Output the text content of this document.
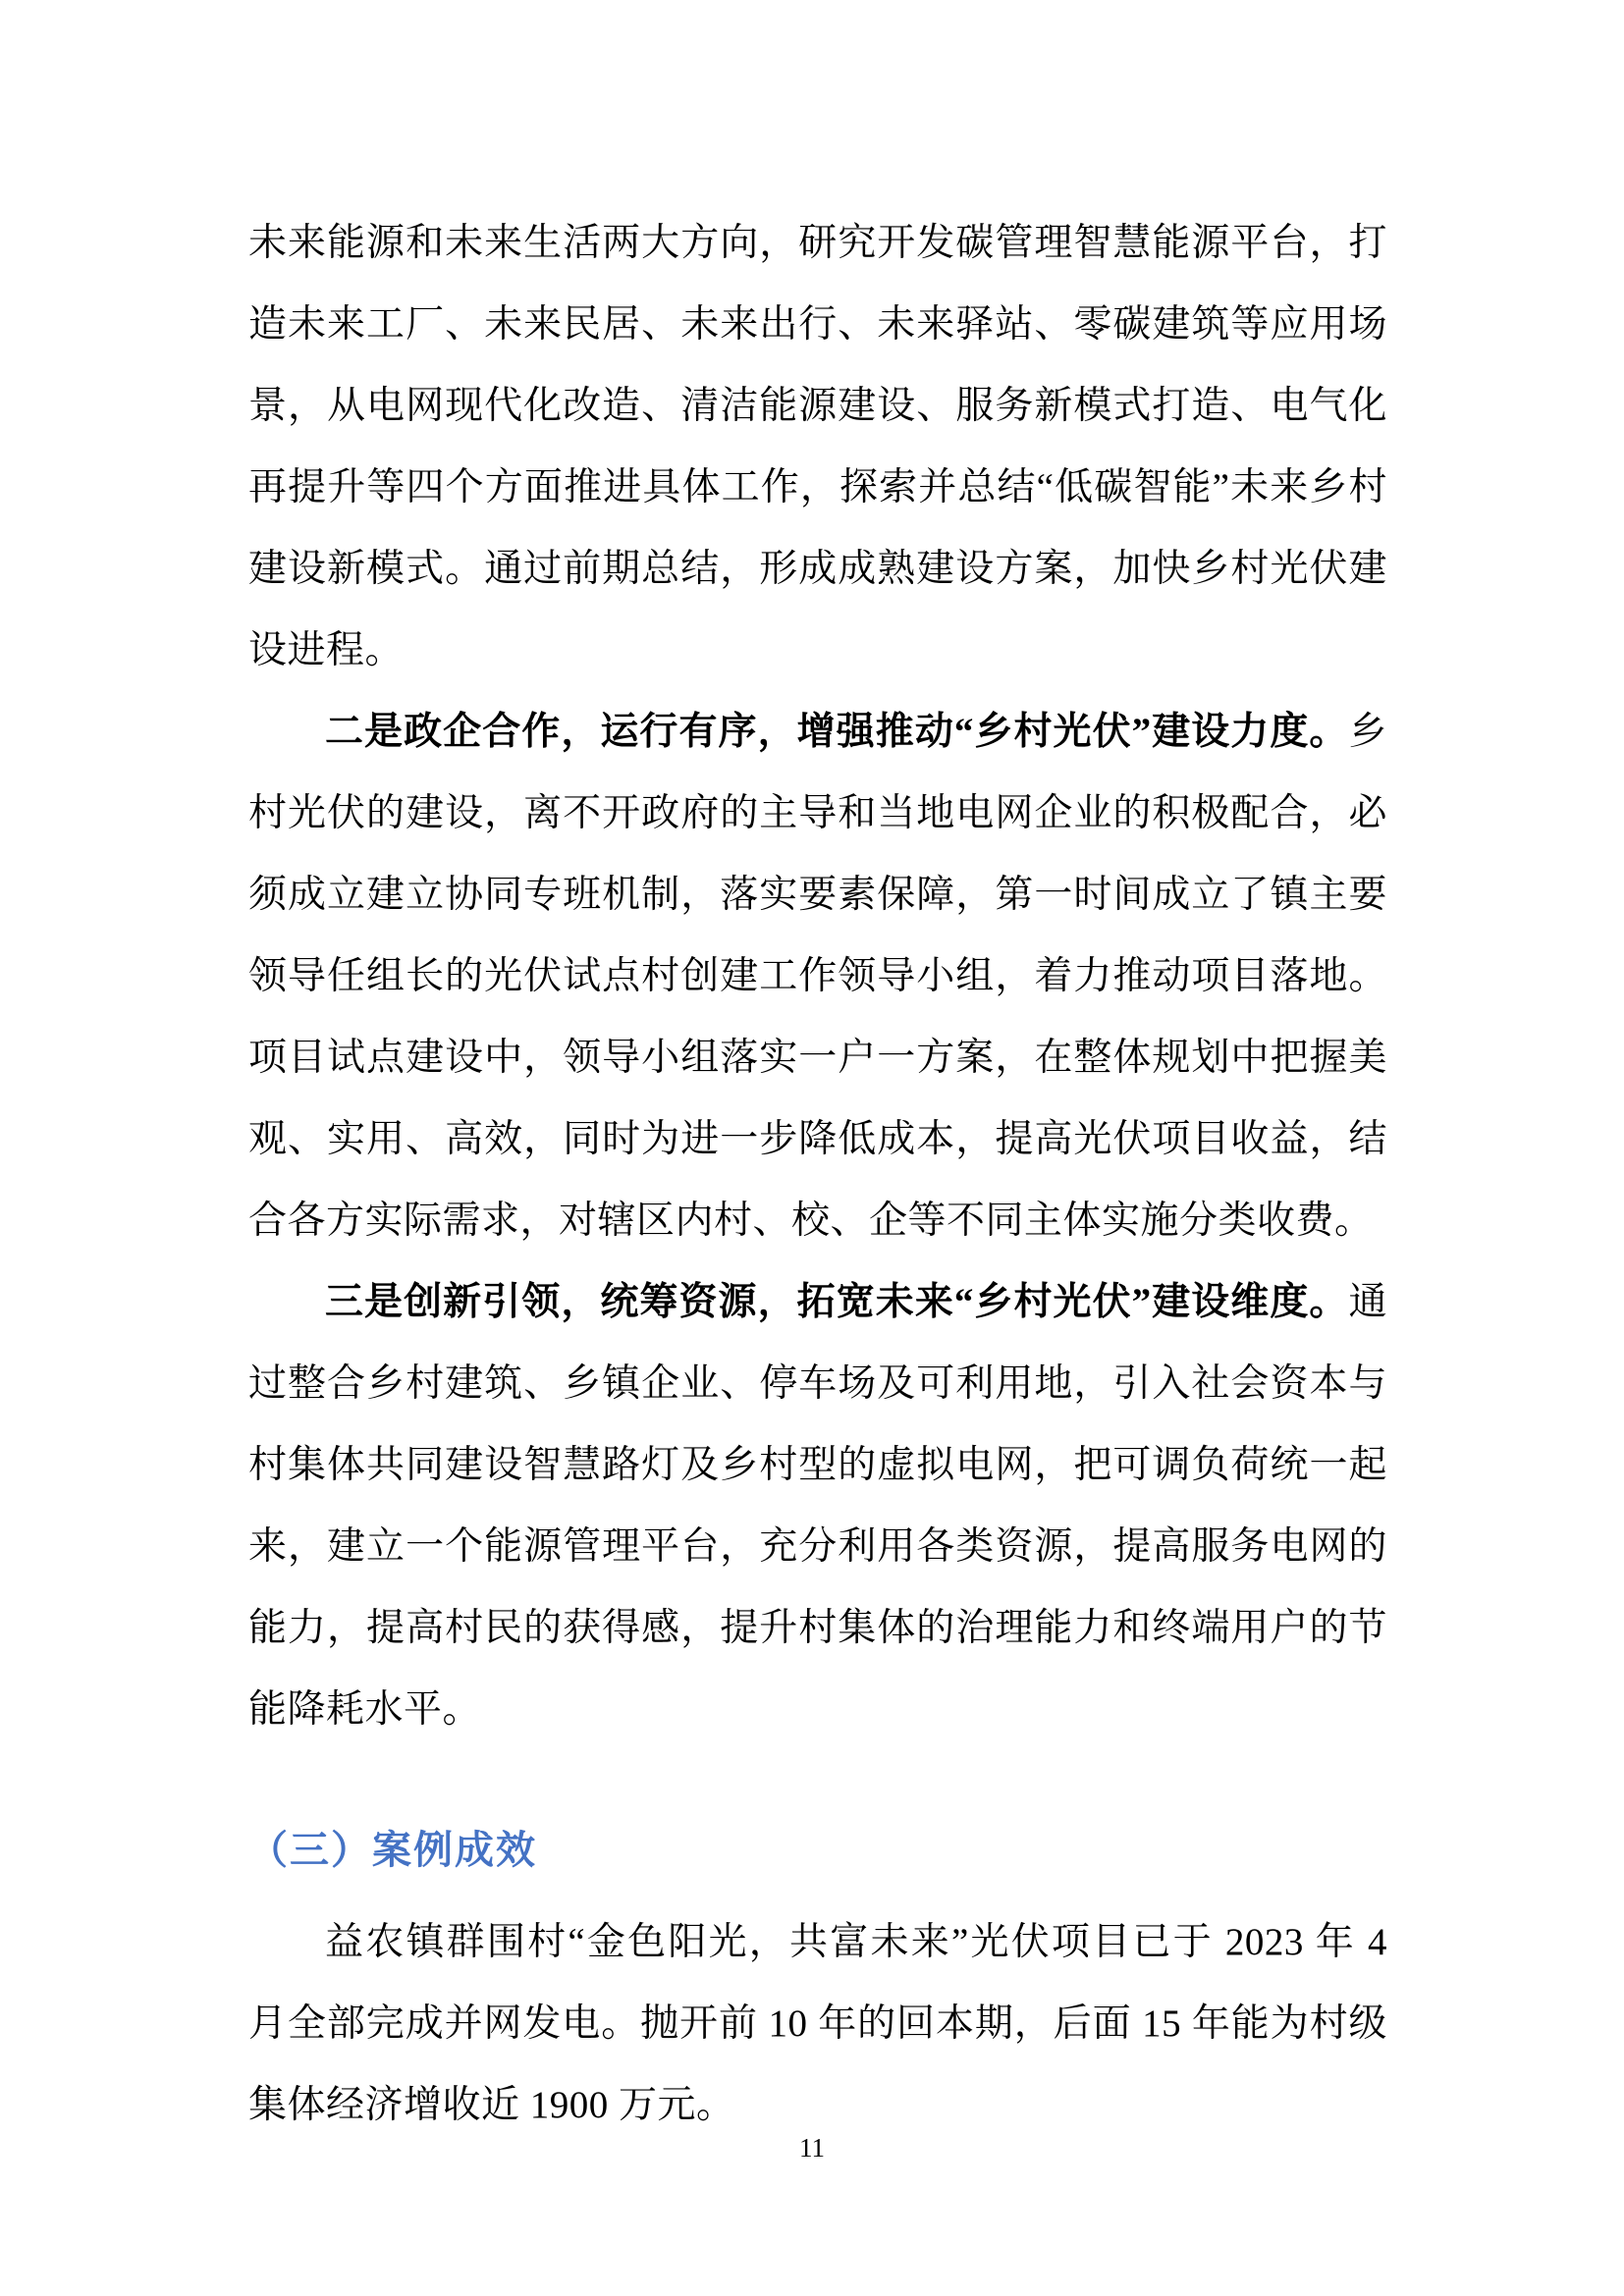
未来能源和未来生活两大方向，研究开发碳管理智慧能源平台，打造未来工厂、未来民居、未来出行、未来驿站、零碳建筑等应用场景，从电网现代化改造、清洁能源建设、服务新模式打造、电气化再提升等四个方面推进具体工作，探索并总结“低碳智能”未来乡村建设新模式。通过前期总结，形成成熟建设方案，加快乡村光伏建设进程。

二是政企合作，运行有序，增强推动“乡村光伏”建设力度。乡村光伏的建设，离不开政府的主导和当地电网企业的积极配合，必须成立建立协同专班机制，落实要素保障，第一时间成立了镇主要领导任组长的光伏试点村创建工作领导小组，着力推动项目落地。项目试点建设中，领导小组落实一户一方案，在整体规划中把握美观、实用、高效，同时为进一步降低成本，提高光伏项目收益，结合各方实际需求，对辖区内村、校、企等不同主体实施分类收费。

三是创新引领，统筹资源，拓宽未来“乡村光伏”建设维度。通过整合乡村建筑、乡镇企业、停车场及可利用地，引入社会资本与村集体共同建设智慧路灯及乡村型的虚拟电网，把可调负荷统一起来，建立一个能源管理平台，充分利用各类资源，提高服务电网的能力，提高村民的获得感，提升村集体的治理能力和终端用户的节能降耗水平。

（三）案例成效

益农镇群围村“金色阳光，共富未来”光伏项目已于 2023 年 4 月全部完成并网发电。抛开前 10 年的回本期，后面 15 年能为村级集体经济增收近 1900 万元。

11
